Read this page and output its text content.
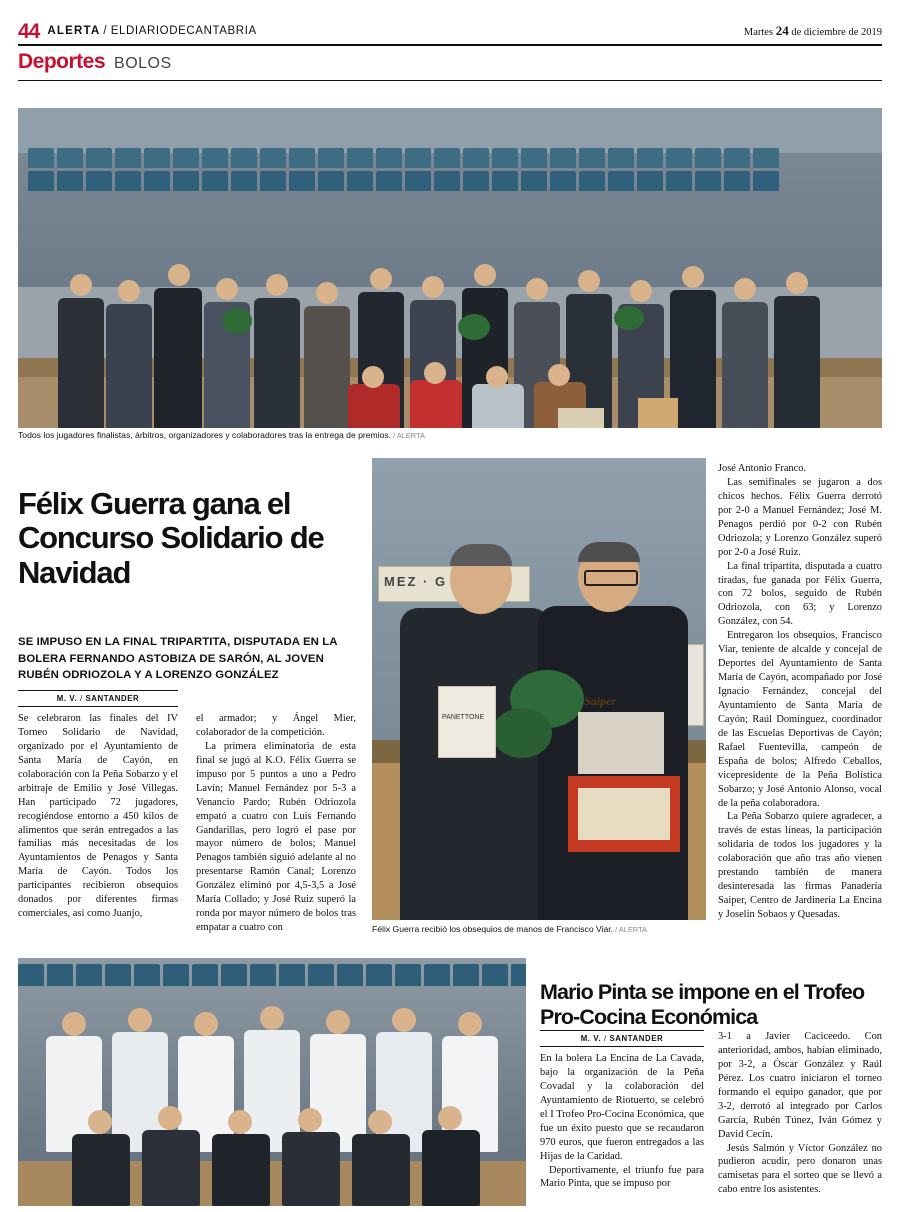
44 ALERTA / ELDIARIODECANTABRIA	Martes 24 de diciembre de 2019
Deportes BOLOS
Todos los jugadores finalistas, árbitros, organizadores y colaboradores tras la entrega de premios. / ALERTA
Félix Guerra gana el Concurso Solidario de Navidad
SE IMPUSO EN LA FINAL TRIPARTITA, DISPUTADA EN LA BOLERA FERNANDO ASTOBIZA DE SARÓN, AL JOVEN RUBÉN ODRIOZOLA Y A LORENZO GONZÁLEZ
M. V. / SANTANDER

Se celebraron las finales del IV Torneo Solidario de Navidad, organizado por el Ayuntamiento de Santa María de Cayón, en colaboración con la Peña Sobarzo y el arbitraje de Emilio y José Villegas. Han participado 72 jugadores, recogiéndose entorno a 450 kilos de alimentos que serán entregados a las familias más necesitadas de los Ayuntamientos de Penagos y Santa María de Cayón. Todos los participantes recibieron obsequios donados por diferentes firmas comerciales, así como Juanjo,

el armador; y Ángel Mier, colaborador de la competición.

La primera eliminatoria de esta final se jugó al K.O. Félix Guerra se impuso por 5 puntos a uno a Pedro Lavín; Manuel Fernández por 5-3 a Venancio Pardo; Rubén Odriozola empató a cuatro con Luis Fernando Gandarillas, pero logró el pase por mayor número de bolos; Manuel Penagos también siguió adelante al no presentarse Ramón Canal; Lorenzo González eliminó por 4,5-3,5 a José María Collado; y José Ruiz superó la ronda por mayor número de bolos tras empatar a cuatro con

José Antonio Franco.

Las semifinales se jugaron a dos chicos hechos. Félix Guerra derrotó por 2-0 a Manuel Fernández; José M. Penagos perdió por 0-2 con Rubén Odriozola; y Lorenzo González superó por 2-0 a José Ruiz.

La final tripartita, disputada a cuatro tiradas, fue ganada por Félix Guerra, con 72 bolos, seguido de Rubén Odriozola, con 63; y Lorenzo González, con 54.

Entregaron los obsequios, Francisco Viar, teniente de alcalde y concejal de Deportes del Ayuntamiento de Santa María de Cayón, acompañado por José Ignacio Fernández, concejal del Ayuntamiento de Santa María de Cayón; Raúl Domínguez, coordinador de las Escuelas Deportivas de Cayón; Rafael Fuentevilla, campeón de España de bolos; Alfredo Ceballos, vicepresidente de la Peña Bolística Sobarzo; y José Antonio Alonso, vocal de la peña colaboradora.

La Peña Sobarzo quiere agradecer, a través de estas líneas, la participación solidaria de todos los jugadores y la colaboración que año tras año vienen prestando también de manera desinteresada las firmas Panadería Saiper, Centro de Jardinería La Encina y Joselín Sobaos y Quesadas.

MEZ · G

PANETTONE
Saiper
Félix Guerra recibió los obsequios de manos de Francisco Viar. / ALERTA
Mario Pinta se impone en el Trofeo Pro-Cocina Económica
M. V. / SANTANDER

En la bolera La Encina de La Cavada, bajo la organización de la Peña Covadal y la colaboración del Ayuntamiento de Riotuerto, se celebró el I Trofeo Pro-Cocina Económica, que fue un éxito puesto que se recaudaron 970 euros, que fueron entregados a las Hijas de la Caridad.

Deportivamente, el triunfo fue para Mario Pinta, que se impuso por

3-1 a Javier Caciceedo. Con anterioridad, ambos, habían eliminado, por 3-2, a Óscar González y Raúl Pérez. Los cuatro iniciaron el torneo formando el equipo ganador, que por 3-2, derrotó al integrado por Carlos García, Rubén Túnez, Iván Gómez y David Cecín.

Jesús Salmón y Víctor González no pudieron acudir, pero donaron unas camisetas para el sorteo que se llevó a cabo entre los asistentes.
